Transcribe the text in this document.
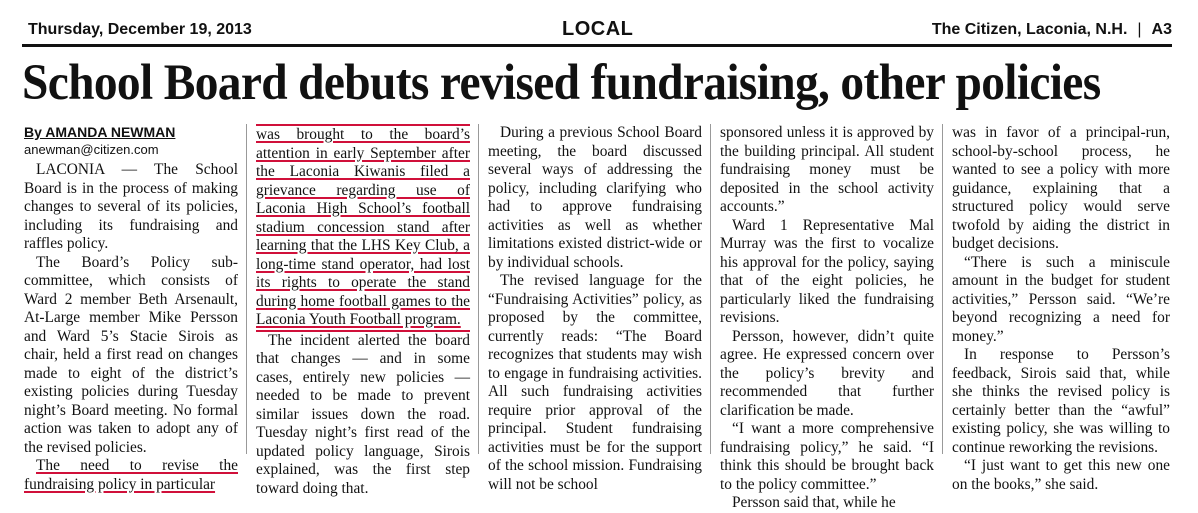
Thursday, December 19, 2013	LOCAL	The Citizen, Laconia, N.H. | A3
School Board debuts revised fundraising, other policies
By AMANDA NEWMAN
anewman@citizen.com

LACONIA — The School Board is in the process of making changes to several of its policies, including its fundraising and raffles policy.

The Board’s Policy sub-committee, which consists of Ward 2 member Beth Arsenault, At-Large member Mike Persson and Ward 5’s Stacie Sirois as chair, held a first read on changes made to eight of the district’s existing policies during Tuesday night’s Board meeting. No formal action was taken to adopt any of the revised policies.

The need to revise the fundraising policy in particular

was brought to the board’s attention in early September after the Laconia Kiwanis filed a grievance regarding use of Laconia High School’s football stadium concession stand after learning that the LHS Key Club, a long-time stand operator, had lost its rights to operate the stand during home football games to the Laconia Youth Football program.

The incident alerted the board that changes — and in some cases, entirely new policies — needed to be made to prevent similar issues down the road. Tuesday night’s first read of the updated policy language, Sirois explained, was the first step toward doing that.

During a previous School Board meeting, the board discussed several ways of addressing the policy, including clarifying who had to approve fundraising activities as well as whether limitations existed district-wide or by individual schools.

The revised language for the “Fundraising Activities” policy, as proposed by the committee, currently reads: “The Board recognizes that students may wish to engage in fundraising activities. All such fundraising activities require prior approval of the principal. Student fundraising activities must be for the support of the school mission. Fundraising will not be school

sponsored unless it is approved by the building principal. All student fundraising money must be deposited in the school activity accounts.”

Ward 1 Representative Mal Murray was the first to vocalize his approval for the policy, saying that of the eight policies, he particularly liked the fundraising revisions.

Persson, however, didn’t quite agree. He expressed concern over the policy’s brevity and recommended that further clarification be made.

“I want a more comprehensive fundraising policy,” he said. “I think this should be brought back to the policy committee.”

Persson said that, while he

was in favor of a principal-run, school-by-school process, he wanted to see a policy with more guidance, explaining that a structured policy would serve twofold by aiding the district in budget decisions.

“There is such a miniscule amount in the budget for student activities,” Persson said. “We’re beyond recognizing a need for money.”

In response to Persson’s feedback, Sirois said that, while she thinks the revised policy is certainly better than the “awful” existing policy, she was willing to continue reworking the revisions.

“I just want to get this new one on the books,” she said.
